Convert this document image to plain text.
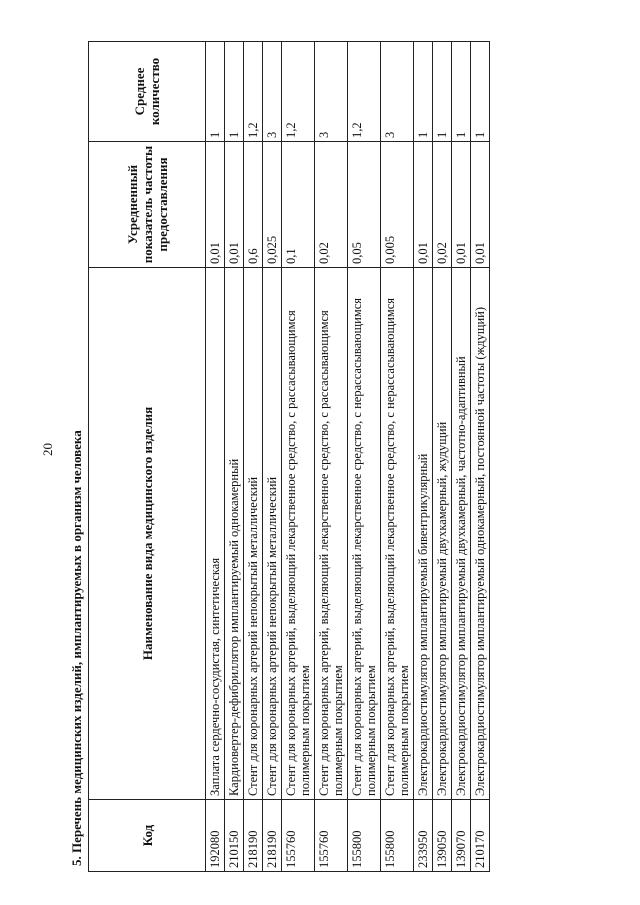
20 5. Перечень медицинских изделий, имплантируемых в организм человека	Код	Наименование вида медицинского изделия	Усредненный показатель частоты предоставления	Среднее количество
192080	Заплата сердечно-сосудистая, синтетическая	0,01	1
210150	Кардиовертер-дефибриллятор имплантируемый однокамерный	0,01	1
218190	Стент для коронарных артерий непокрытый металлический	0,6	1,2
218190	Стент для коронарных артерий непокрытый металлический	0,025	3
155760	Стент для коронарных артерий, выделяющий лекарственное средство, с рассасывающимся полимерным покрытием	0,1	1,2
155760	Стент для коронарных артерий, выделяющий лекарственное средство, с рассасывающимся полимерным покрытием	0,02	3
155800	Стент для коронарных артерий, выделяющий лекарственное средство, с нерассасывающимся полимерным покрытием	0,05	1,2
155800	Стент для коронарных артерий, выделяющий лекарственное средство, с нерассасывающимся полимерным покрытием	0,005	3
233950	Электрокардиостимулятор имплантируемый бивентрикулярный	0,01	1
139050	Электрокардиостимулятор имплантируемый двухкамерный, жудущий	0,02	1
139070	Электрокардиостимулятор имплантируемый двухкамерный, частотно-адаптивный	0,01	1
210170	Электрокардиостимулятор имплантируемый однокамерный, постоянной частоты (ждущий)	0,01	1
